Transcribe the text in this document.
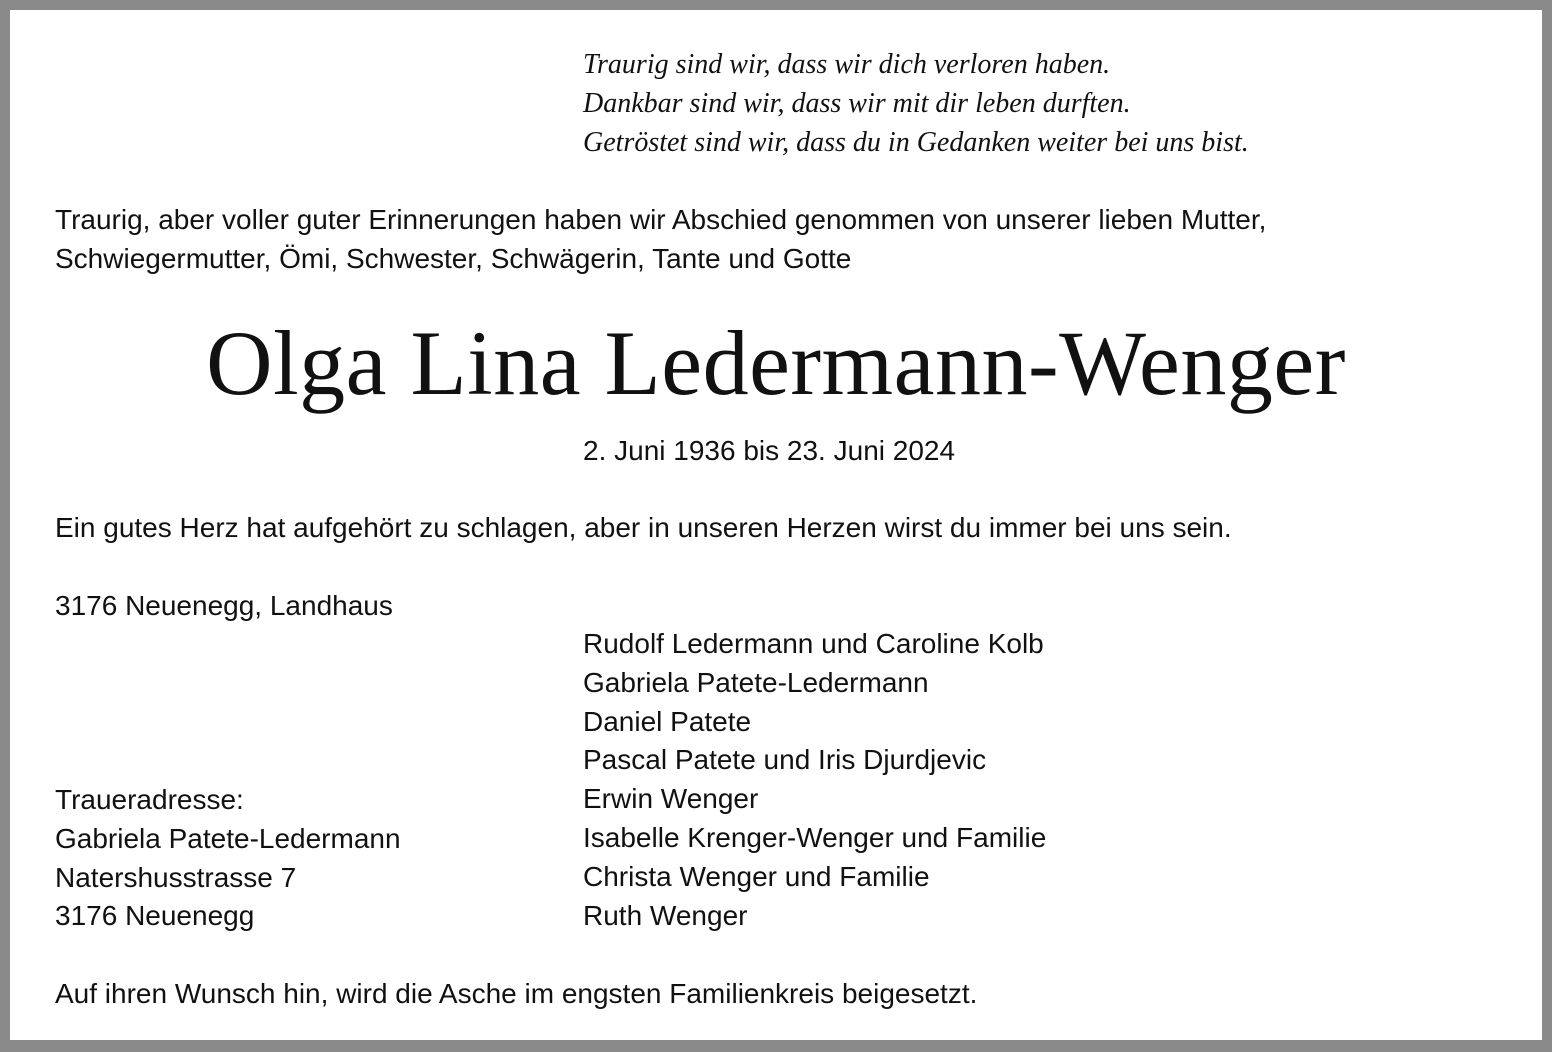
Traurig sind wir, dass wir dich verloren haben.
Dankbar sind wir, dass wir mit dir leben durften.
Getröstet sind wir, dass du in Gedanken weiter bei uns bist.
Traurig, aber voller guter Erinnerungen haben wir Abschied genommen von unserer lieben Mutter,
Schwiegermutter, Ömi, Schwester, Schwägerin, Tante und Gotte
Olga Lina Ledermann-Wenger
2. Juni 1936 bis 23. Juni 2024
Ein gutes Herz hat aufgehört zu schlagen, aber in unseren Herzen wirst du immer bei uns sein.
3176 Neuenegg, Landhaus
Rudolf Ledermann und Caroline Kolb
Gabriela Patete-Ledermann
Daniel Patete
Pascal Patete und Iris Djurdjevic
Erwin Wenger
Isabelle Krenger-Wenger und Familie
Christa Wenger und Familie
Ruth Wenger
Traueradresse:
Gabriela Patete-Ledermann
Natershusstrasse 7
3176 Neuenegg
Auf ihren Wunsch hin, wird die Asche im engsten Familienkreis beigesetzt.
